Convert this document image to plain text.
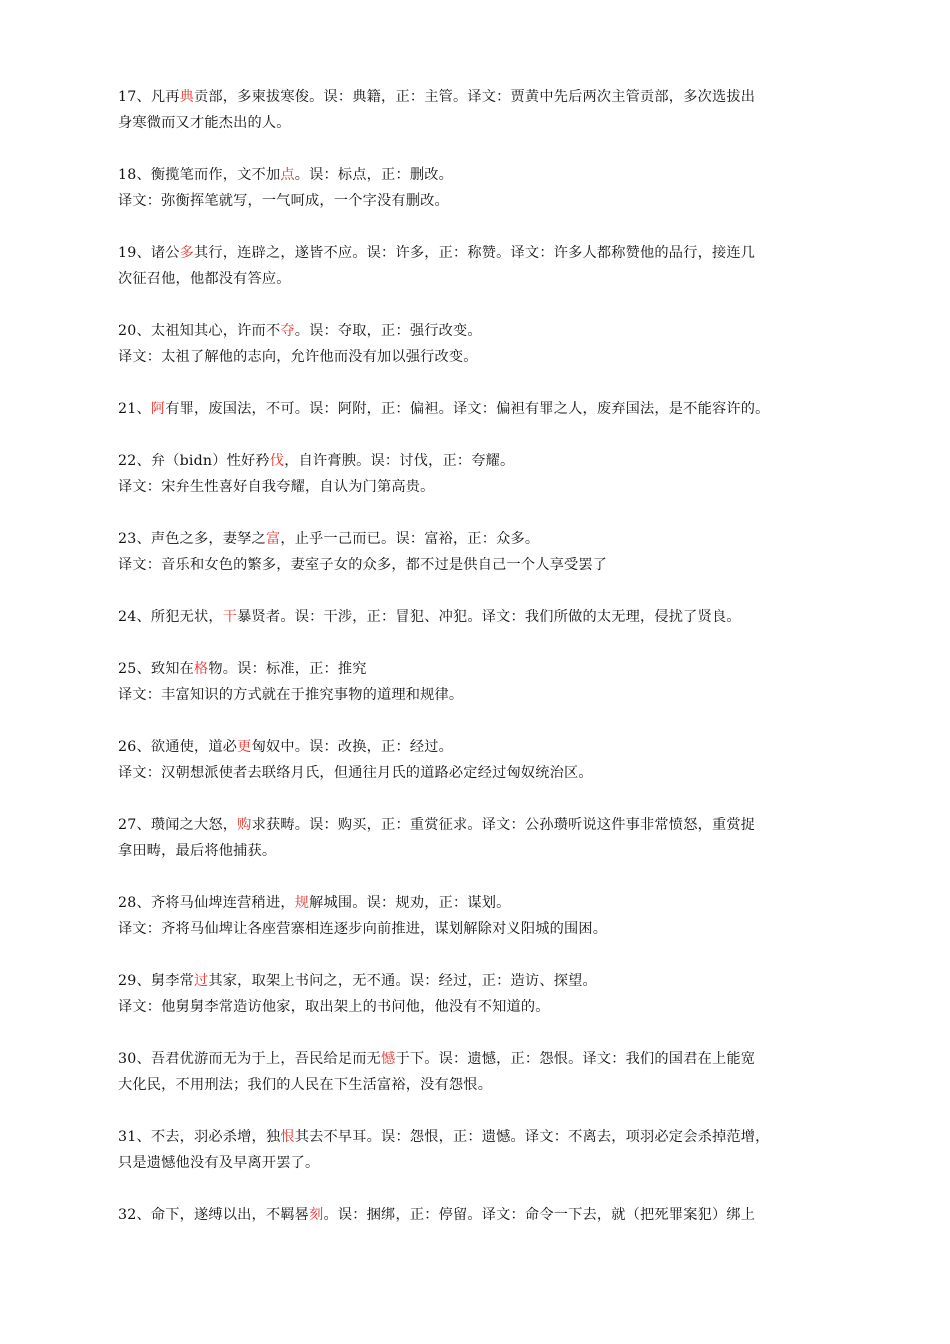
17、凡再典贡部，多柬拔寒俊。误：典籍，正：主管。译文：贾黄中先后两次主管贡部，多次选拔出
身寒微而又才能杰出的人。
18、衡揽笔而作，文不加点。误：标点，正：删改。
译文：弥衡挥笔就写，一气呵成，一个字没有删改。
19、诸公多其行，连辟之，遂皆不应。误：许多，正：称赞。译文：许多人都称赞他的品行，接连几
次征召他，他都没有答应。
20、太祖知其心，许而不夺。误：夺取，正：强行改变。
译文：太祖了解他的志向，允许他而没有加以强行改变。
21、阿有罪，废国法，不可。误：阿附，正：偏袒。译文：偏袒有罪之人，废弃国法，是不能容许的。
22、弁（bidn）性好矜伐，自许膏腴。误：讨伐，正：夸耀。
译文：宋弁生性喜好自我夸耀，自认为门第高贵。
23、声色之多，妻孥之富，止乎一己而已。误：富裕，正：众多。
译文：音乐和女色的繁多，妻室子女的众多，都不过是供自己一个人享受罢了
24、所犯无状，干暴贤者。误：干涉，正：冒犯、冲犯。译文：我们所做的太无理，侵扰了贤良。
25、致知在格物。误：标准，正：推究
译文：丰富知识的方式就在于推究事物的道理和规律。
26、欲通使，道必更匈奴中。误：改换，正：经过。
译文：汉朝想派使者去联络月氏，但通往月氏的道路必定经过匈奴统治区。
27、瓒闻之大怒，购求获畴。误：购买，正：重赏征求。译文：公孙瓒听说这件事非常愤怒，重赏捉
拿田畴，最后将他捕获。
28、齐将马仙埤连营稍进，规解城围。误：规劝，正：谋划。
译文：齐将马仙埤让各座营寨相连逐步向前推进，谋划解除对义阳城的围困。
29、舅李常过其家，取架上书问之，无不通。误：经过，正：造访、探望。
译文：他舅舅李常造访他家，取出架上的书问他，他没有不知道的。
30、吾君优游而无为于上，吾民给足而无憾于下。误：遗憾，正：怨恨。译文：我们的国君在上能宽
大化民，不用刑法；我们的人民在下生活富裕，没有怨恨。
31、不去，羽必杀增，独恨其去不早耳。误：怨恨，正：遗憾。译文：不离去，项羽必定会杀掉范增，
只是遗憾他没有及早离开罢了。
32、命下，遂缚以出，不羁晷刻。误：捆绑，正：停留。译文：命令一下去，就（把死罪案犯）绑上
